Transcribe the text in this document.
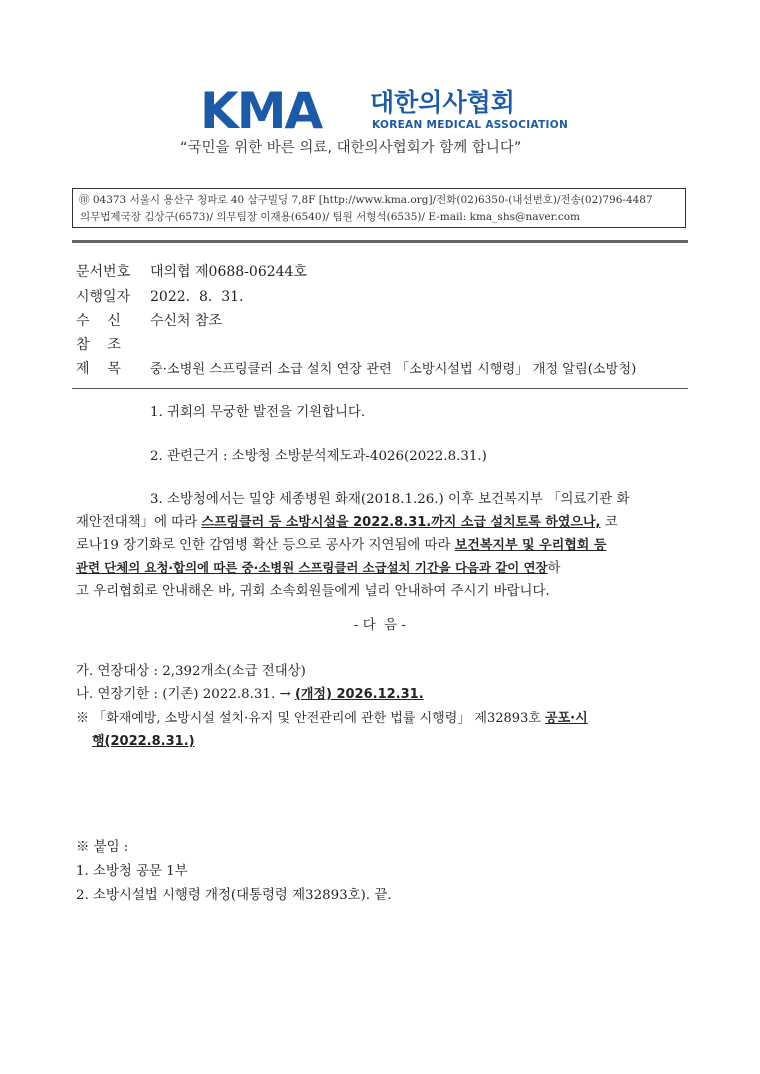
KMA 대한의사협회
KOREAN MEDICAL ASSOCIATION
“국민을 위한 바른 의료, 대한의사협회가 함께 합니다”
㊞ 04373 서울시 용산구 청파로 40 삼구빌딩 7,8F [http://www.kma.org]/전화(02)6350-(내선번호)/전송(02)796-4487
의무법제국장 김상구(6573)/ 의무팀장 이재용(6540)/ 팀원 서형석(6535)/ E-mail: kma_shs@naver.com
문서번호 대의협 제0688-06244호
시행일자 2022.  8.  31.
수    신 수신처 참조
참    조
제    목 중·소병원 스프링클러 소급 설치 연장 관련 「소방시설법 시행령」 개정 알림(소방청)
1. 귀회의 무궁한 발전을 기원합니다.
2. 관련근거 : 소방청 소방분석제도과-4026(2022.8.31.)
3. 소방청에서는 밀양 세종병원 화재(2018.1.26.) 이후 보건복지부 「의료기관 화
재안전대책」에 따라 스프링클러 등 소방시설을 2022.8.31.까지 소급 설치토록 하였으나, 코
로나19 장기화로 인한 감염병 확산 등으로 공사가 지연됨에 따라 보건복지부 및 우리협회 등
관련 단체의 요청·합의에 따른 중·소병원 스프링클러 소급설치 기간을 다음과 같이 연장하
고 우리협회로 안내해온 바, 귀회 소속회원들에게 널리 안내하여 주시기 바랍니다.
- 다  음 -
가. 연장대상 : 2,392개소(소급 전대상)
나. 연장기한 : (기존) 2022.8.31. → (개정) 2026.12.31.
※ 「화재예방, 소방시설 설치·유지 및 안전관리에 관한 법률 시행령」 제32893호 공포·시
행(2022.8.31.)
※ 붙임 :
1. 소방청 공문 1부
2. 소방시설법 시행령 개정(대통령령 제32893호). 끝.
